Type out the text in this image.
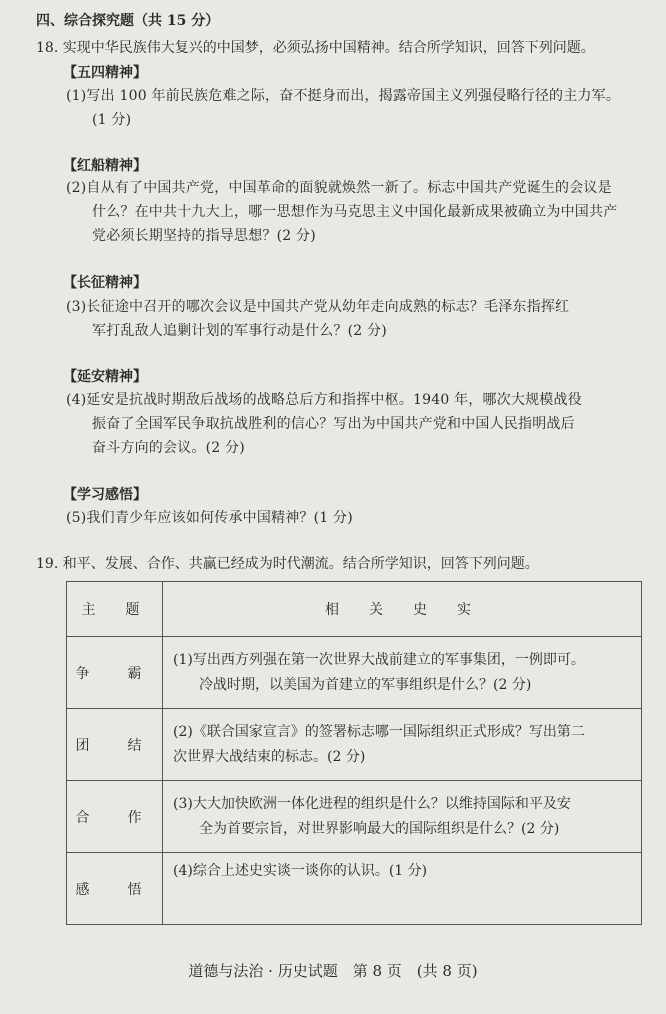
四、综合探究题（共 15 分）
18. 实现中华民族伟大复兴的中国梦，必须弘扬中国精神。结合所学知识，回答下列问题。
【五四精神】
(1)写出 100 年前民族危难之际，奋不挺身而出，揭露帝国主义列强侵略行径的主力军。
(1 分)
【红船精神】
(2)自从有了中国共产党，中国革命的面貌就焕然一新了。标志中国共产党诞生的会议是
什么？在中共十九大上，哪一思想作为马克思主义中国化最新成果被确立为中国共产
党必须长期坚持的指导思想？(2 分)
【长征精神】
(3)长征途中召开的哪次会议是中国共产党从幼年走向成熟的标志？毛泽东指挥红
军打乱敌人追剿计划的军事行动是什么？(2 分)
【延安精神】
(4)延安是抗战时期敌后战场的战略总后方和指挥中枢。1940 年，哪次大规模战役
振奋了全国军民争取抗战胜利的信心？写出为中国共产党和中国人民指明战后
奋斗方向的会议。(2 分)
【学习感悟】
(5)我们青少年应该如何传承中国精神？(1 分)
19. 和平、发展、合作、共赢已经成为时代潮流。结合所学知识，回答下列问题。
主　题	相　关　史　实
争　霸	(1)写出西方列强在第一次世界大战前建立的军事集团，一例即可。
冷战时期，以美国为首建立的军事组织是什么？(2 分)

团　结	(2)《联合国家宣言》的签署标志哪一国际组织正式形成？写出第二
次世界大战结束的标志。(2 分)

合　作	(3)大大加快欧洲一体化进程的组织是什么？以维持国际和平及安
全为首要宗旨，对世界影响最大的国际组织是什么？(2 分)

感　悟	(4)综合上述史实谈一谈你的认识。(1 分)
道德与法治 · 历史试题　第 8 页　(共 8 页)
